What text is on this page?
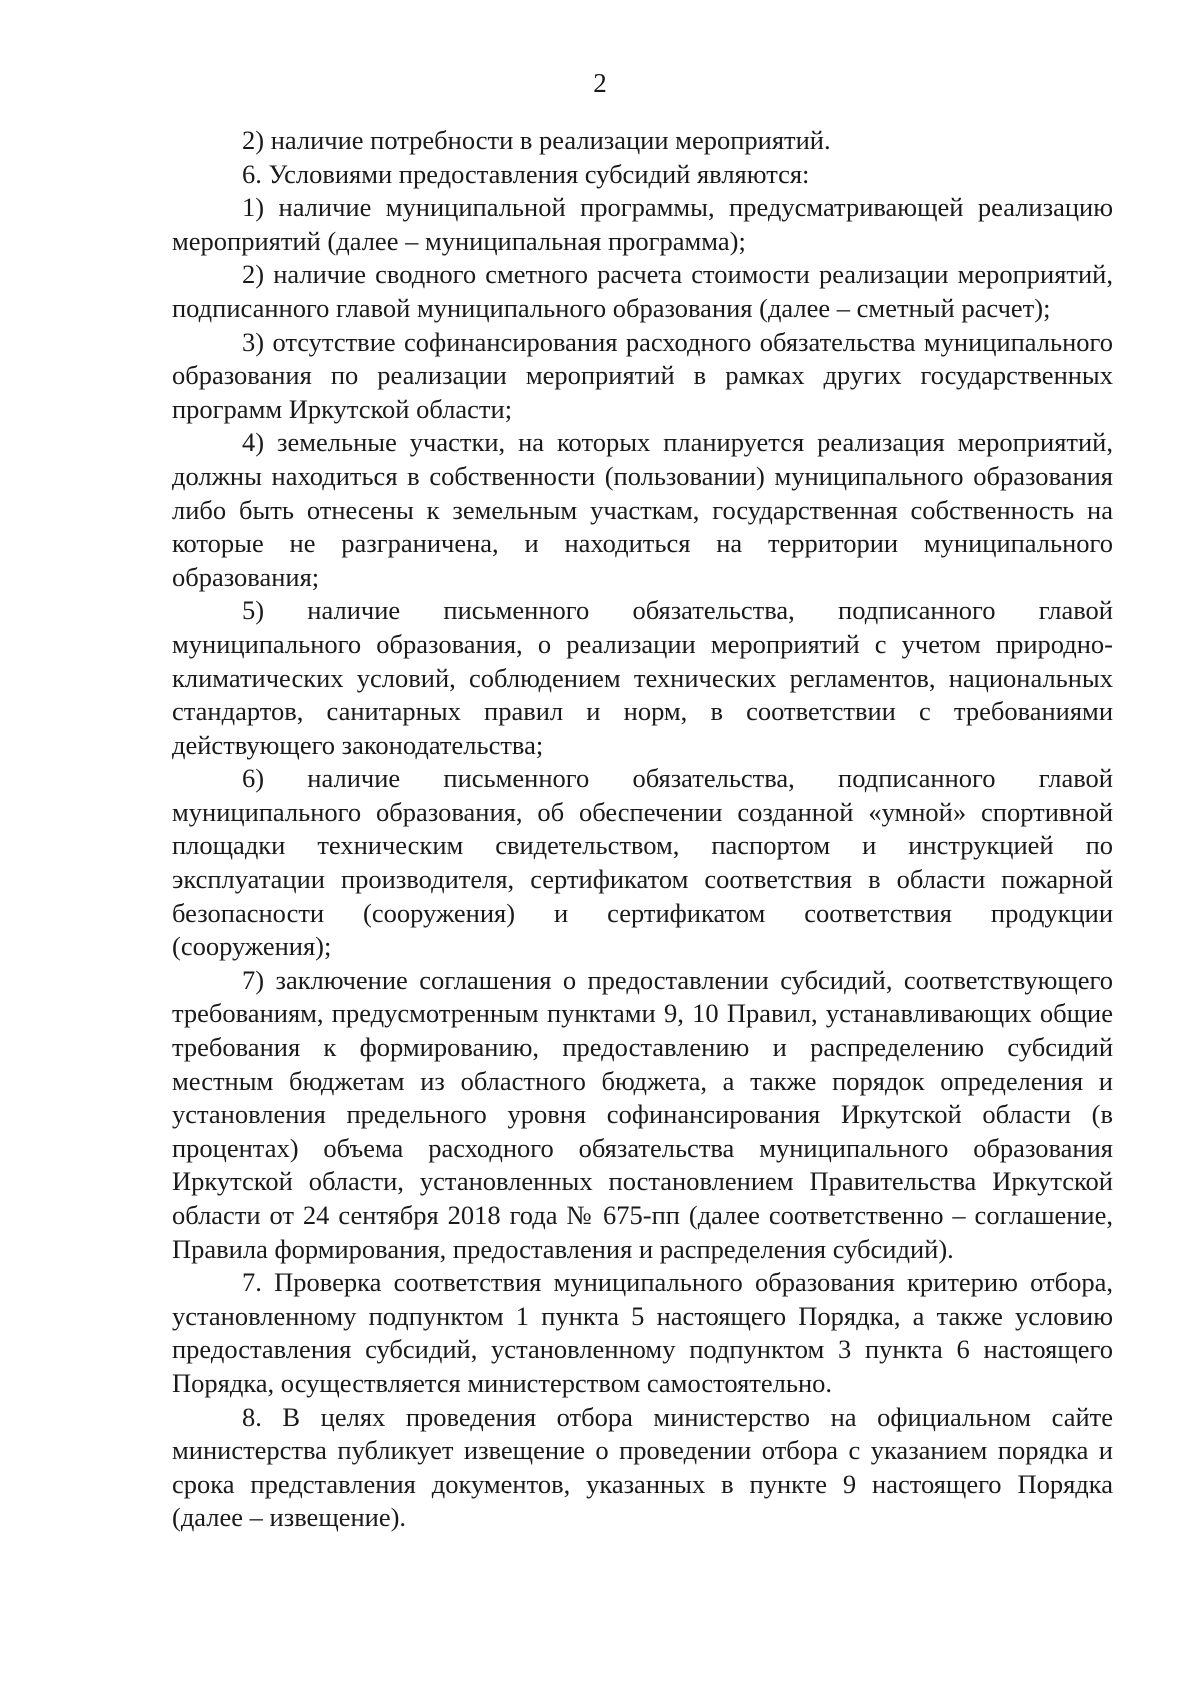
2

2) наличие потребности в реализации мероприятий.

6. Условиями предоставления субсидий являются:

1) наличие муниципальной программы, предусматривающей реализацию мероприятий (далее – муниципальная программа);

2) наличие сводного сметного расчета стоимости реализации мероприятий, подписанного главой муниципального образования (далее – сметный расчет);

3) отсутствие софинансирования расходного обязательства муниципального образования по реализации мероприятий в рамках других государственных программ Иркутской области;

4) земельные участки, на которых планируется реализация мероприятий, должны находиться в собственности (пользовании) муниципального образования либо быть отнесены к земельным участкам, государственная собственность на которые не разграничена, и находиться на территории муниципального образования;

5) наличие письменного обязательства, подписанного главой муниципального образования, о реализации мероприятий с учетом природно-климатических условий, соблюдением технических регламентов, национальных стандартов, санитарных правил и норм, в соответствии с требованиями действующего законодательства;

6) наличие письменного обязательства, подписанного главой муниципального образования, об обеспечении созданной «умной» спортивной площадки техническим свидетельством, паспортом и инструкцией по эксплуатации производителя, сертификатом соответствия в области пожарной безопасности (сооружения) и сертификатом соответствия продукции (сооружения);

7) заключение соглашения о предоставлении субсидий, соответствующего требованиям, предусмотренным пунктами 9, 10 Правил, устанавливающих общие требования к формированию, предоставлению и распределению субсидий местным бюджетам из областного бюджета, а также порядок определения и установления предельного уровня софинансирования Иркутской области (в процентах) объема расходного обязательства муниципального образования Иркутской области, установленных постановлением Правительства Иркутской области от 24 сентября 2018 года № 675-пп (далее соответственно – соглашение, Правила формирования, предоставления и распределения субсидий).

7. Проверка соответствия муниципального образования критерию отбора, установленному подпунктом 1 пункта 5 настоящего Порядка, а также условию предоставления субсидий, установленному подпунктом 3 пункта 6 настоящего Порядка, осуществляется министерством самостоятельно.

8. В целях проведения отбора министерство на официальном сайте министерства публикует извещение о проведении отбора с указанием порядка и срока представления документов, указанных в пункте 9 настоящего Порядка (далее – извещение).
